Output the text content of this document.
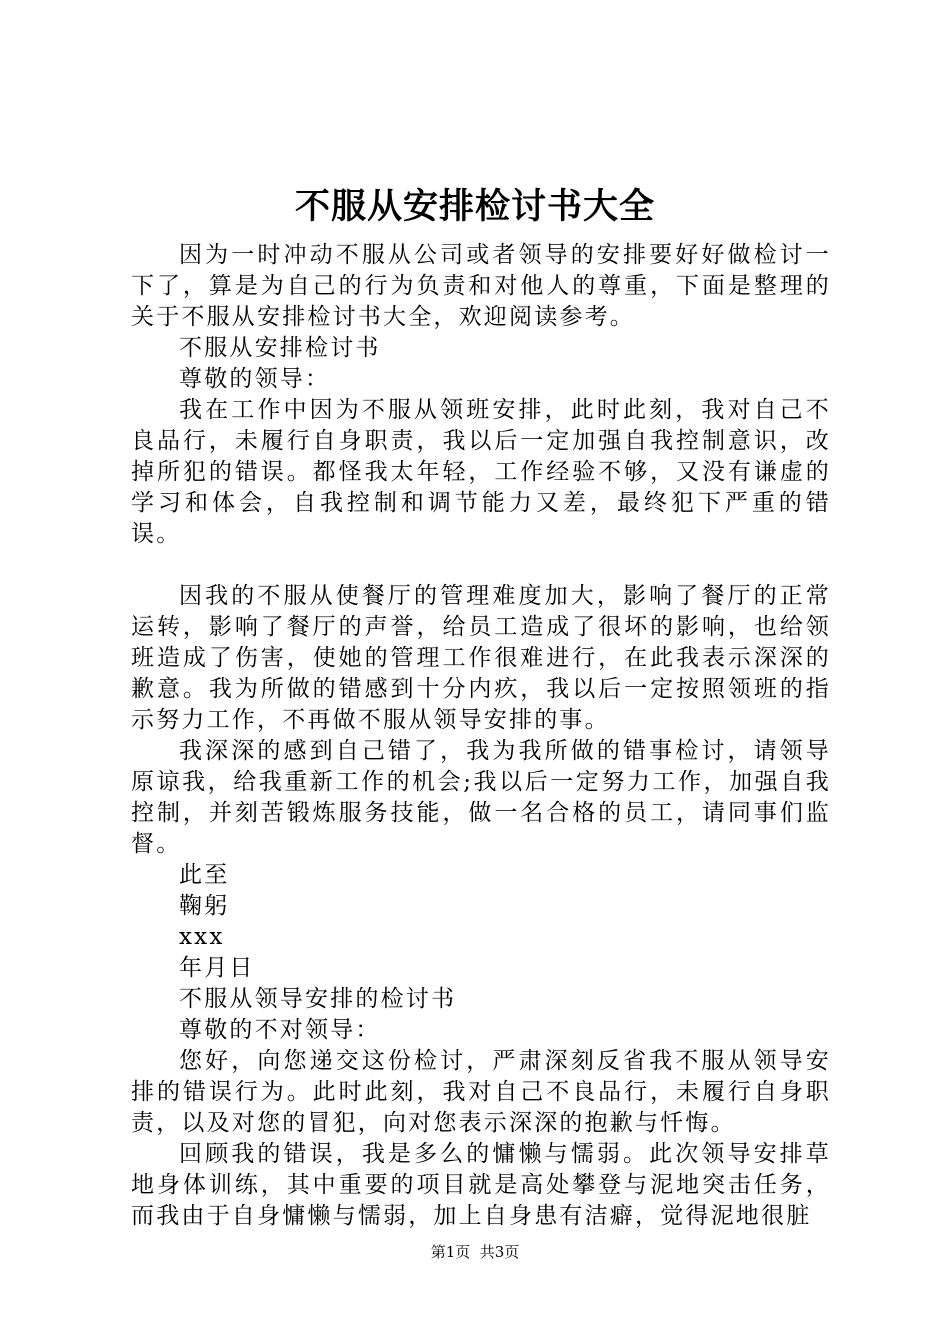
不服从安排检讨书大全

因为一时冲动不服从公司或者领导的安排要好好做检讨一下了，算是为自己的行为负责和对他人的尊重，下面是整理的关于不服从安排检讨书大全，欢迎阅读参考。

不服从安排检讨书

尊敬的领导：

我在工作中因为不服从领班安排，此时此刻，我对自己不良品行，未履行自身职责，我以后一定加强自我控制意识，改掉所犯的错误。都怪我太年轻，工作经验不够，又没有谦虚的学习和体会，自我控制和调节能力又差，最终犯下严重的错误。

因我的不服从使餐厅的管理难度加大，影响了餐厅的正常运转，影响了餐厅的声誉，给员工造成了很坏的影响，也给领班造成了伤害，使她的管理工作很难进行，在此我表示深深的歉意。我为所做的错感到十分内疚，我以后一定按照领班的指示努力工作，不再做不服从领导安排的事。

我深深的感到自己错了，我为我所做的错事检讨，请领导原谅我，给我重新工作的机会;我以后一定努力工作，加强自我控制，并刻苦锻炼服务技能，做一名合格的员工，请同事们监督。

此至

鞠躬

xxx

年月日

不服从领导安排的检讨书

尊敬的不对领导：

您好，向您递交这份检讨，严肃深刻反省我不服从领导安排的错误行为。此时此刻，我对自己不良品行，未履行自身职责，以及对您的冒犯，向对您表示深深的抱歉与忏悔。

回顾我的错误，我是多么的慵懒与懦弱。此次领导安排草地身体训练，其中重要的项目就是高处攀登与泥地突击任务，而我由于自身慵懒与懦弱，加上自身患有洁癖，觉得泥地很脏

第1页  共3页
